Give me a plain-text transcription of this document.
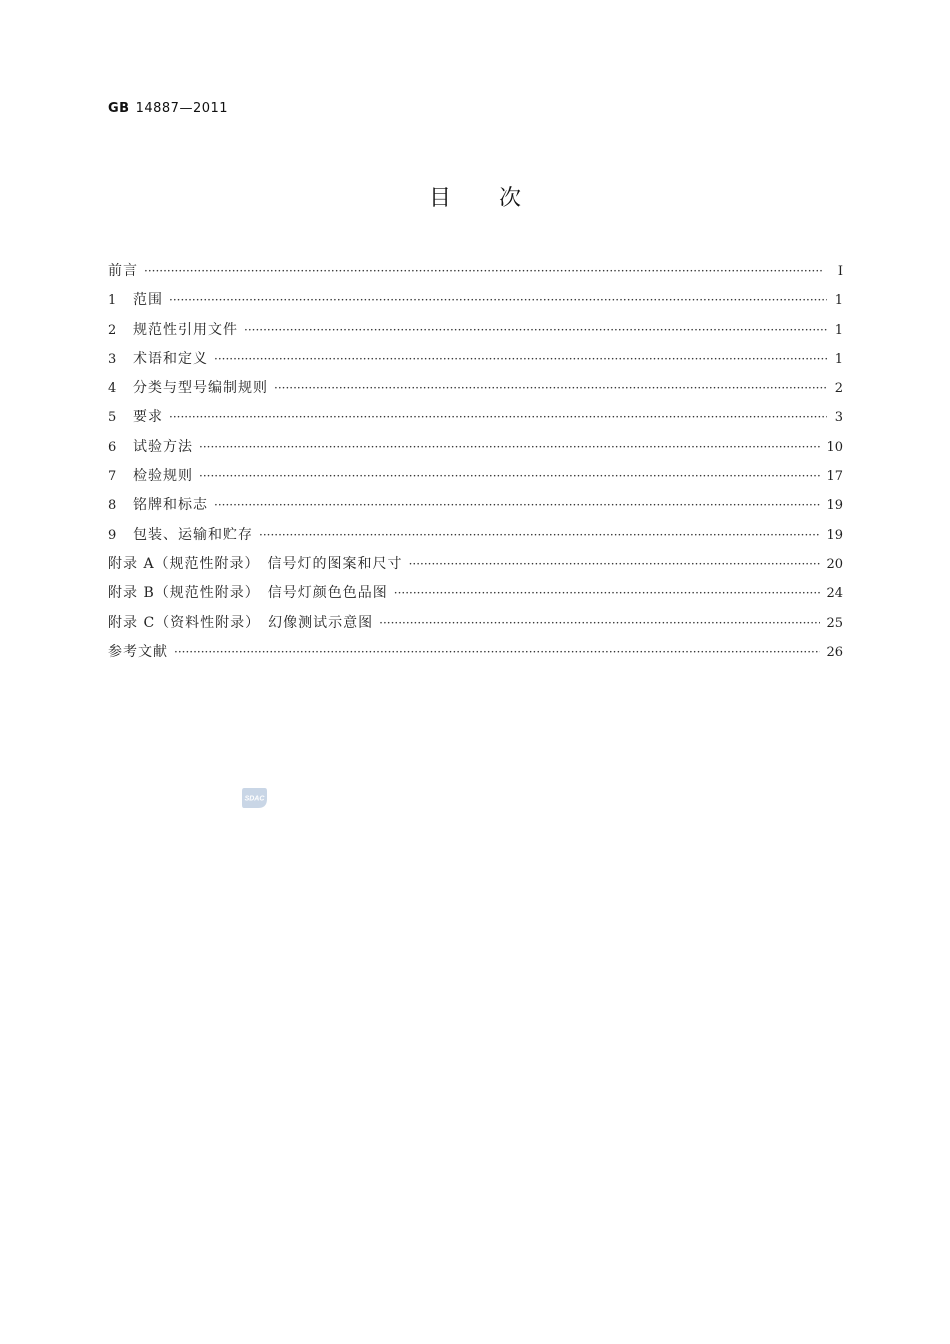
GB 14887—2011
目次
前言 ·····	Ⅰ
1	范围 ·····	1
2	规范性引用文件 ·····	1
3	术语和定义 ·····	1
4	分类与型号编制规则 ·····	2
5	要求 ·····	3
6	试验方法 ·····	10
7	检验规则 ·····	17
8	铭牌和标志 ·····	19
9	包装、运输和贮存 ·····	19
附录 A（规范性附录）　信号灯的图案和尺寸 ·····	20
附录 B（规范性附录）　信号灯颜色色品图 ·····	24
附录 C（资料性附录）　幻像测试示意图 ·····	25
参考文献 ·····	26
SDAC
